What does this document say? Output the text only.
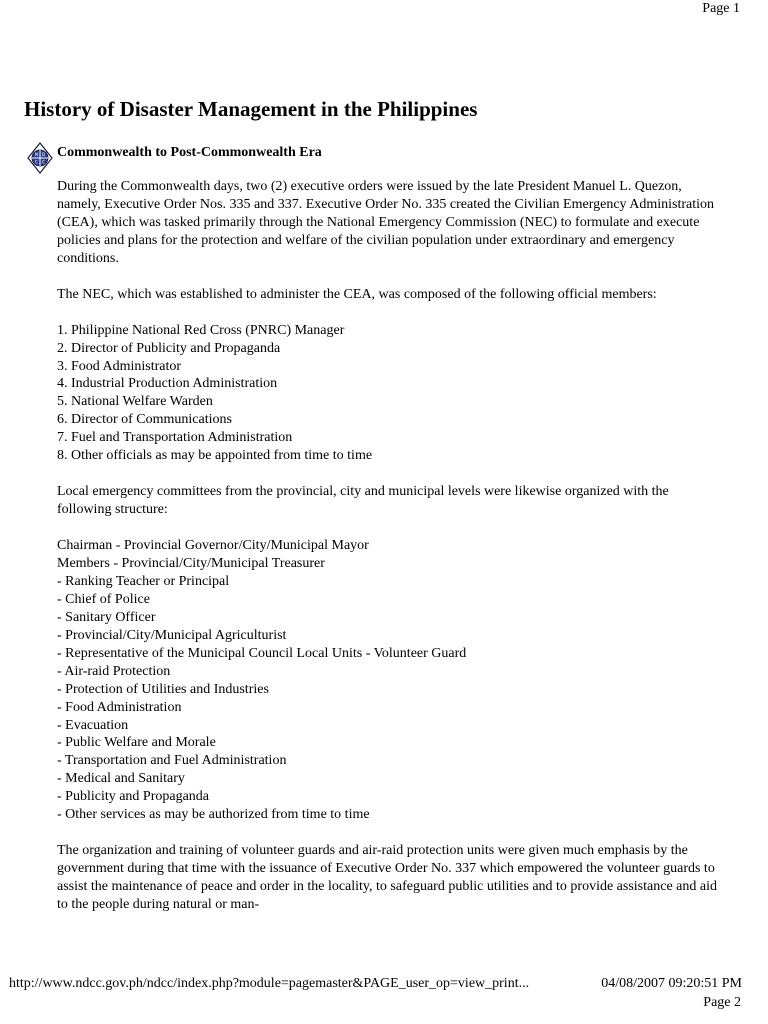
Page 1
History of Disaster Management in the Philippines
N D
C C
Commonwealth to Post-Commonwealth Era

During the Commonwealth days, two (2) executive orders were issued by the late President Manuel L. Quezon, namely, Executive Order Nos. 335 and 337. Executive Order No. 335 created the Civilian Emergency Administration (CEA), which was tasked primarily through the National Emergency Commission (NEC) to formulate and execute policies and plans for the protection and welfare of the civilian population under extraordinary and emergency conditions.

The NEC, which was established to administer the CEA, was composed of the following official members:

1. Philippine National Red Cross (PNRC) Manager
2. Director of Publicity and Propaganda
3. Food Administrator
4. Industrial Production Administration
5. National Welfare Warden
6. Director of Communications
7. Fuel and Transportation Administration
8. Other officials as may be appointed from time to time

Local emergency committees from the provincial, city and municipal levels were likewise organized with the following structure:

Chairman - Provincial Governor/City/Municipal Mayor
Members - Provincial/City/Municipal Treasurer
- Ranking Teacher or Principal
- Chief of Police
- Sanitary Officer
- Provincial/City/Municipal Agriculturist
- Representative of the Municipal Council Local Units - Volunteer Guard
- Air-raid Protection
- Protection of Utilities and Industries
- Food Administration
- Evacuation
- Public Welfare and Morale
- Transportation and Fuel Administration
- Medical and Sanitary
- Publicity and Propaganda
- Other services as may be authorized from time to time

The organization and training of volunteer guards and air-raid protection units were given much emphasis by the government during that time with the issuance of Executive Order No. 337 which empowered the volunteer guards to assist the maintenance of peace and order in the locality, to safeguard public utilities and to provide assistance and aid to the people during natural or man-

http://www.ndcc.gov.ph/ndcc/index.php?module=pagemaster&PAGE_user_op=view_print...	04/08/2007 09:20:51 PM
Page 2
